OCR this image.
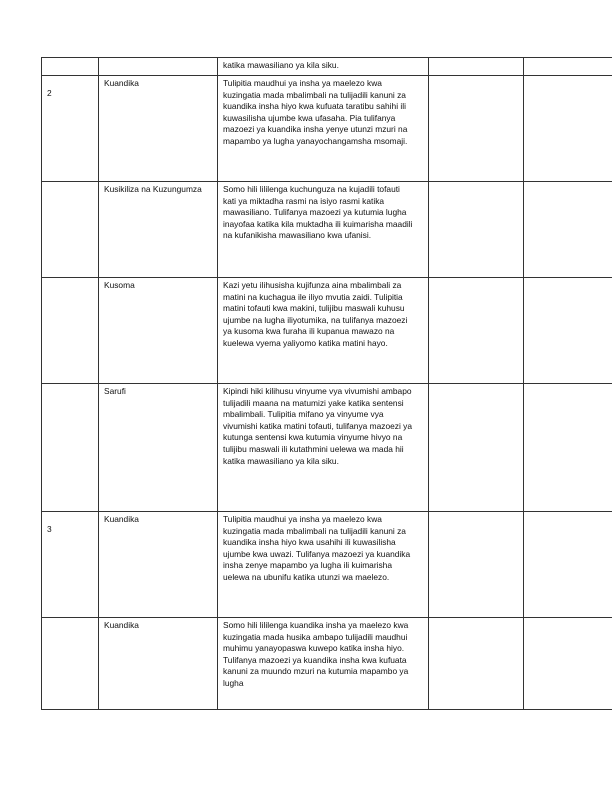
		katika mawasiliano ya kila siku.			

2	Kuandika	Tulipitia maudhui ya insha ya maelezo kwa kuzingatia mada mbalimbali na tulijadili kanuni za kuandika insha hiyo kwa kufuata taratibu sahihi ili kuwasilisha ujumbe kwa ufasaha. Pia tulifanya mazoezi ya kuandika insha yenye utunzi mzuri na mapambo ya lugha yanayochangamsha msomaji.			

	Kusikiliza na Kuzungumza	Somo hili lililenga kuchunguza na kujadili tofauti kati ya miktadha rasmi na isiyo rasmi katika mawasiliano. Tulifanya mazoezi ya kutumia lugha inayofaa katika kila muktadha ili kuimarisha maadili na kufanikisha mawasiliano kwa ufanisi.			

	Kusoma	Kazi yetu ilihusisha kujifunza aina mbalimbali za matini na kuchagua ile iliyo mvutia zaidi. Tulipitia matini tofauti kwa makini, tulijibu maswali kuhusu ujumbe na lugha iliyotumika, na tulifanya mazoezi ya kusoma kwa furaha ili kupanua mawazo na kuelewa vyema yaliyomo katika matini hayo.			

	Sarufi	Kipindi hiki kilihusu vinyume vya vivumishi ambapo tulijadili maana na matumizi yake katika sentensi mbalimbali. Tulipitia mifano ya vinyume vya vivumishi katika matini tofauti, tulifanya mazoezi ya kutunga sentensi kwa kutumia vinyume hivyo na tulijibu maswali ili kutathmini uelewa wa mada hii katika mawasiliano ya kila siku.			

3	Kuandika	Tulipitia maudhui ya insha ya maelezo kwa kuzingatia mada mbalimbali na tulijadili kanuni za kuandika insha hiyo kwa usahihi ili kuwasilisha ujumbe kwa uwazi. Tulifanya mazoezi ya kuandika insha zenye mapambo ya lugha ili kuimarisha uelewa na ubunifu katika utunzi wa maelezo.			

	Kuandika	Somo hili lililenga kuandika insha ya maelezo kwa kuzingatia mada husika ambapo tulijadili maudhui muhimu yanayopaswa kuwepo katika insha hiyo. Tulifanya mazoezi ya kuandika insha kwa kufuata kanuni za muundo mzuri na kutumia mapambo ya lugha			
